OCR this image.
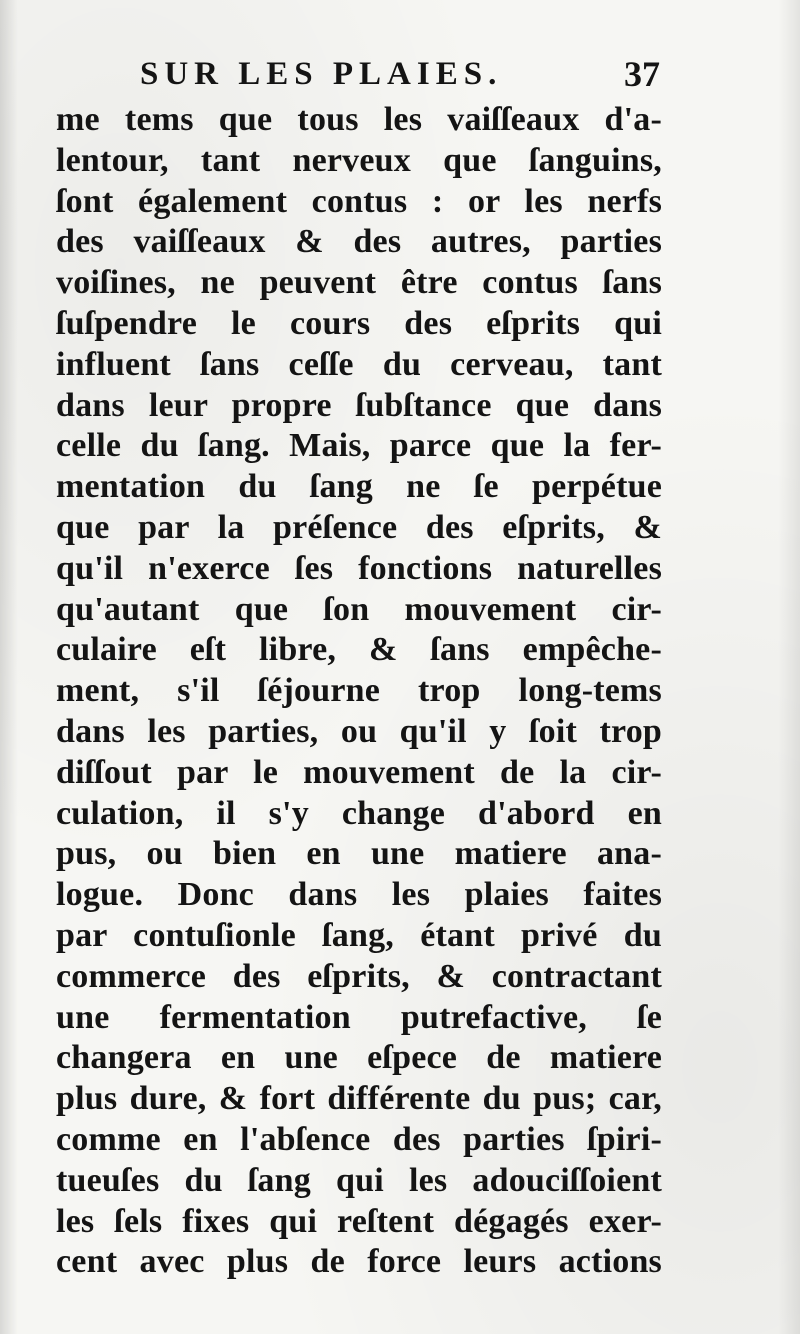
SUR LES PLAIES.	37
me tems que tous les vaiſſeaux d'a-
lentour, tant nerveux que ſanguins,
ſont également contus : or les nerfs
des vaiſſeaux & des autres, parties
voiſines, ne peuvent être contus ſans
ſuſpendre le cours des eſprits qui
influent ſans ceſſe du cerveau, tant
dans leur propre ſubſtance que dans
celle du ſang. Mais, parce que la fer-
mentation du ſang ne ſe perpétue
que par la préſence des eſprits, &
qu'il n'exerce ſes fonctions naturelles
qu'autant que ſon mouvement cir-
culaire eſt libre, & ſans empêche-
ment, s'il ſéjourne trop long-tems
dans les parties, ou qu'il y ſoit trop
diſſout par le mouvement de la cir-
culation, il s'y change d'abord en
pus, ou bien en une matiere ana-
logue. Donc dans les plaies faites
par contuſionle ſang, étant privé du
commerce des eſprits, & contractant
une fermentation putrefactive, ſe
changera en une eſpece de matiere
plus dure, & fort différente du pus; car,
comme en l'abſence des parties ſpiri-
tueuſes du ſang qui les adouciſſoient
les ſels fixes qui reſtent dégagés exer-
cent avec plus de force leurs actions
